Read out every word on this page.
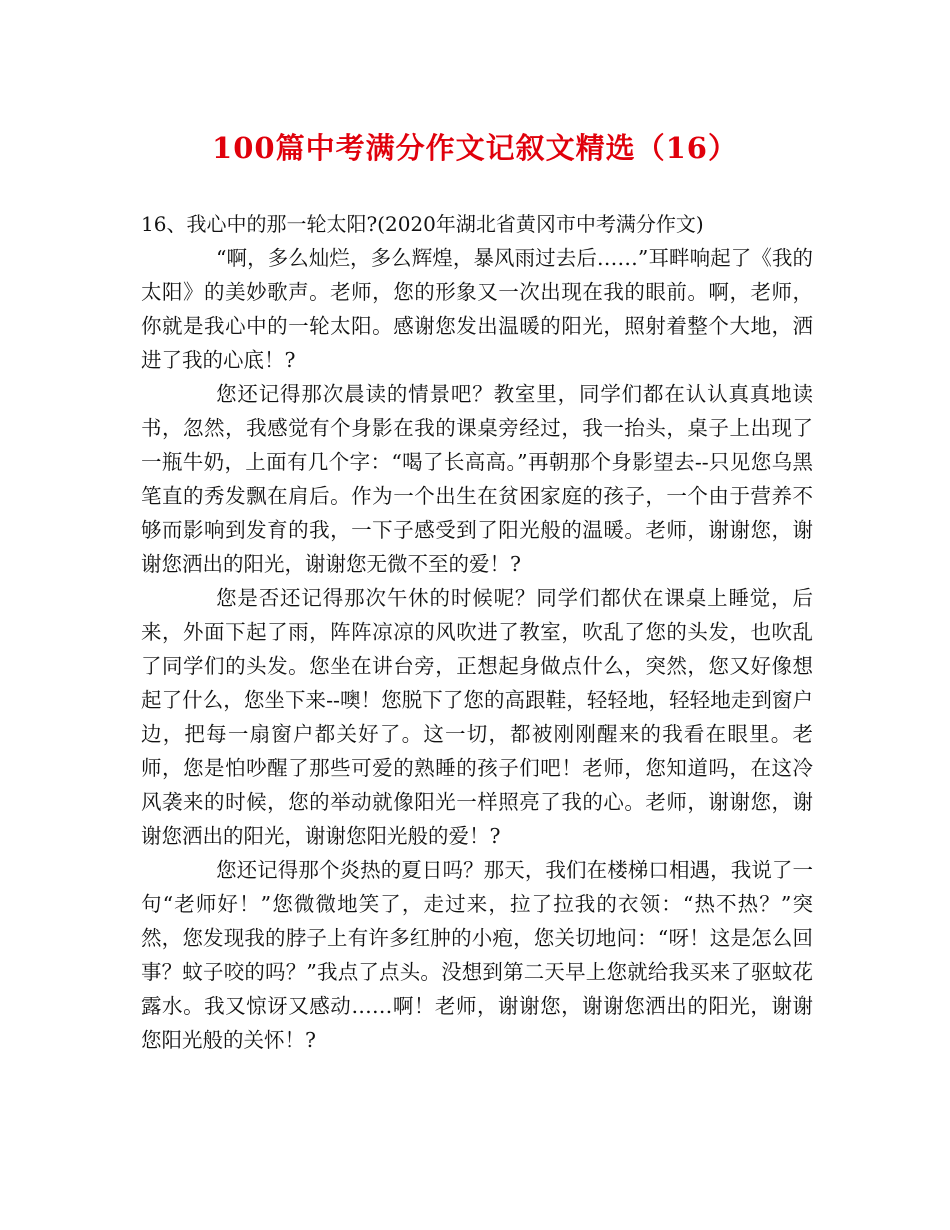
100篇中考满分作文记叙文精选（16）

16、我心中的那一轮太阳?(2020年湖北省黄冈市中考满分作文)

“啊，多么灿烂，多么辉煌，暴风雨过去后……”耳畔响起了《我的太阳》的美妙歌声。老师，您的形象又一次出现在我的眼前。啊，老师，你就是我心中的一轮太阳。感谢您发出温暖的阳光，照射着整个大地，洒进了我的心底！?

您还记得那次晨读的情景吧？教室里，同学们都在认认真真地读书，忽然，我感觉有个身影在我的课桌旁经过，我一抬头，桌子上出现了一瓶牛奶，上面有几个字：“喝了长高高。”再朝那个身影望去--只见您乌黑笔直的秀发飘在肩后。作为一个出生在贫困家庭的孩子，一个由于营养不够而影响到发育的我，一下子感受到了阳光般的温暖。老师，谢谢您，谢谢您洒出的阳光，谢谢您无微不至的爱！?

您是否还记得那次午休的时候呢？同学们都伏在课桌上睡觉，后来，外面下起了雨，阵阵凉凉的风吹进了教室，吹乱了您的头发，也吹乱了同学们的头发。您坐在讲台旁，正想起身做点什么，突然，您又好像想起了什么，您坐下来--噢！您脱下了您的高跟鞋，轻轻地，轻轻地走到窗户边，把每一扇窗户都关好了。这一切，都被刚刚醒来的我看在眼里。老师，您是怕吵醒了那些可爱的熟睡的孩子们吧！老师，您知道吗，在这冷风袭来的时候，您的举动就像阳光一样照亮了我的心。老师，谢谢您，谢谢您洒出的阳光，谢谢您阳光般的爱！?

您还记得那个炎热的夏日吗？那天，我们在楼梯口相遇，我说了一句“老师好！”您微微地笑了，走过来，拉了拉我的衣领：“热不热？”突然，您发现我的脖子上有许多红肿的小疱，您关切地问：“呀！这是怎么回事？蚊子咬的吗？”我点了点头。没想到第二天早上您就给我买来了驱蚊花露水。我又惊讶又感动……啊！老师，谢谢您，谢谢您洒出的阳光，谢谢您阳光般的关怀！?
